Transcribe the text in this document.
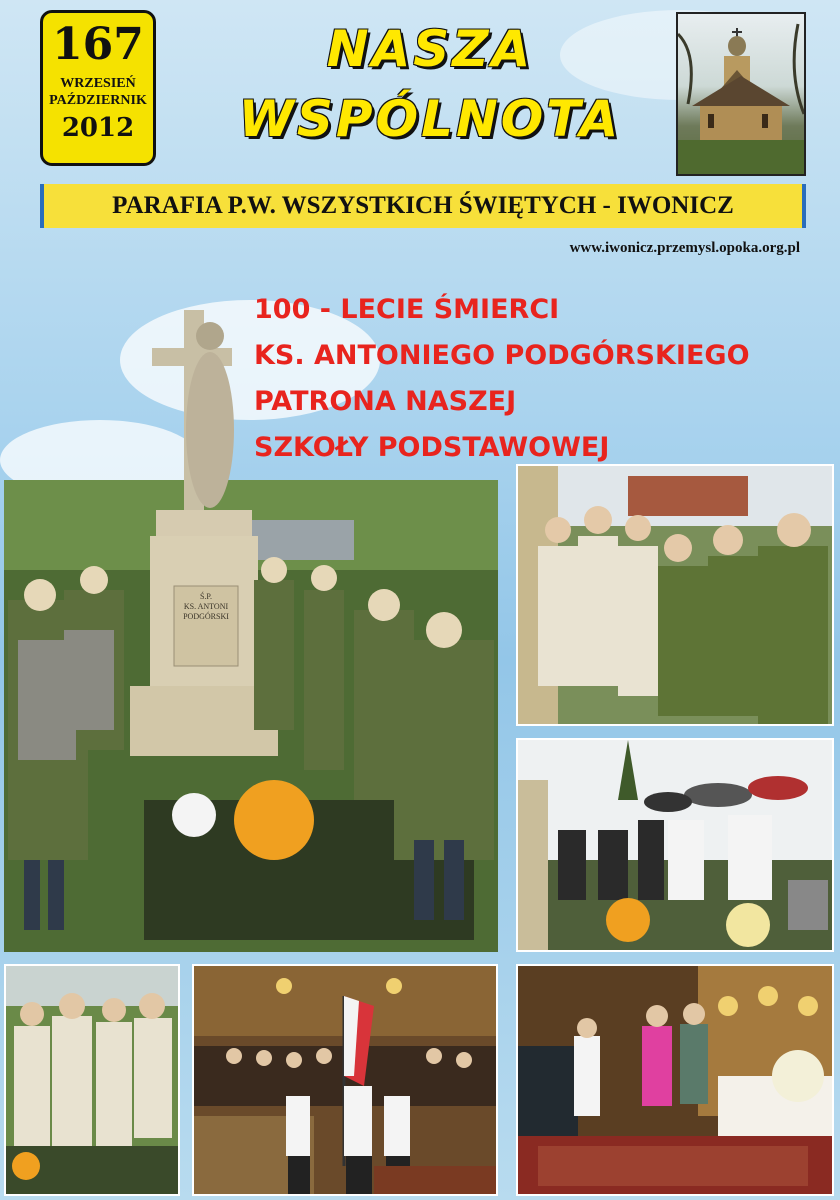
167
WRZESIEŃ
PAŹDZIERNIK
2012
NASZA
WSPÓLNOTA
PARAFIA P.W. WSZYSTKICH ŚWIĘTYCH - IWONICZ
www.iwonicz.przemysl.opoka.org.pl
100 - LECIE ŚMIERCI
KS. ANTONIEGO PODGÓRSKIEGO
PATRONA NASZEJ
SZKOŁY PODSTAWOWEJ
Ś.P.
KS. ANTONI
PODGÓRSKI
